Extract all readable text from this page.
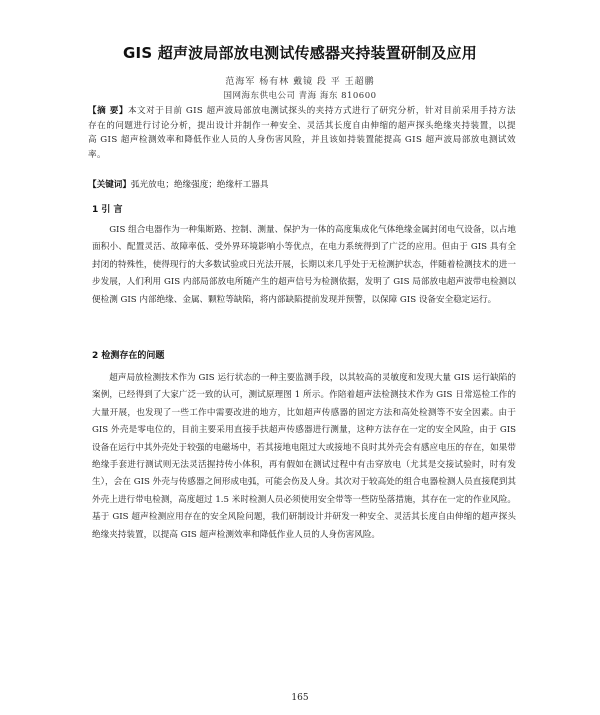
GIS 超声波局部放电测试传感器夹持装置研制及应用
范海军 杨有林 戴镜 段 平 王超鹏
国网海东供电公司 青海 海东 810600
【摘 要】本文对于目前 GIS 超声波局部放电测试探头的夹持方式进行了研究分析，针对目前采用手持方法存在的问题进行讨论分析，提出设计并制作一种安全、灵活其长度自由伸缩的超声探头绝缘夹持装置，以提高 GIS 超声检测效率和降低作业人员的人身伤害风险，并且该如持装置能提高 GIS 超声波局部放电测试效率。
【关键词】弧光放电；绝缘强度；绝缘杆工器具
1 引 言
GIS 组合电器作为一种集断路、控制、测量、保护为一体的高度集成化气体绝缘金属封闭电气设备，以占地面积小、配置灵活、故障率低、受外界环境影响小等优点，在电力系统得到了广泛的应用。但由于 GIS 具有全封闭的特殊性，使得现行的大多数试验或日光法开展，长期以来几乎处于无检测护状态，伴随着检测技术的进一步发展，人们利用 GIS 内部局部放电所随产生的超声信号为检测依据，发明了 GIS 局部放电超声波带电检测以便检测 GIS 内部绝缘、金属、颗粒等缺陷，将内部缺陷提前发现并预警，以保障 GIS 设备安全稳定运行。
2 检测存在的问题
超声局放检测技术作为 GIS 运行状态的一种主要监测手段，以其较高的灵敏度和发现大量 GIS 运行缺陷的案例，已经得到了大家广泛一致的认可，测试原理图 1 所示。作陪着超声法检测技术作为 GIS 日常巡检工作的大量开展，也发现了一些工作中需要改进的地方，比如超声传感器的固定方法和高处检测等不安全因素。由于 GIS 外壳是零电位的，目前主要采用直接手扶超声传感器进行测量，这种方法存在一定的安全风险，由于 GIS 设备在运行中其外壳处于较强的电磁场中，若其接地电阻过大或接地不良时其外壳会有感应电压的存在，如果带绝缘手套进行测试则无法灵活握持传小体积，再有假如在测试过程中有击穿放电（尤其是交接试验时，时有发生），会在 GIS 外壳与传感器之间形成电弧，可能会伤及人身。其次对于较高处的组合电器检测人员直接爬到其外壳上进行带电检测，高度超过 1.5 米时检测人员必须使用安全带等一些防坠落措施，其存在一定的作业风险。基于 GIS 超声检测应用存在的安全风险问题，我们研制设计并研发一种安全、灵活其长度自由伸缩的超声探头绝缘夹持装置，以提高 GIS 超声检测效率和降低作业人员的人身伤害风险。
165
